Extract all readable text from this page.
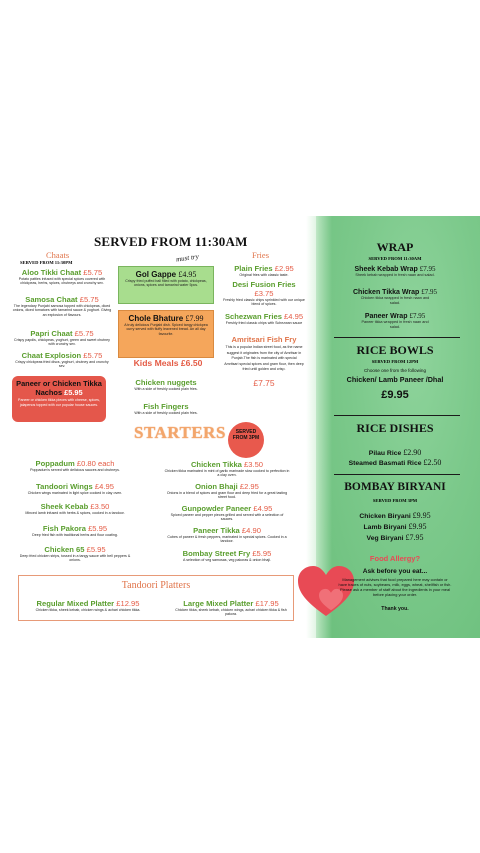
SERVED FROM 11:30AM
Chaats
SERVED FROM 11:30PM
Aloo Tikki Chaat £5.75
Potato patties infused with special spices covered with chickpeas, herbs, spices, chutneys and crunchy sev.
Samosa Chaat £5.75
The legendary Punjabi samosa topped with chickpeas, diced onions, diced tomatoes with tamarind sauce & yoghurt. Giving an explosion of flavours.
Papri Chaat £5.75
Crispy papdis, chickpeas, yoghurt, green and sweet chutney with crunchy sev.
Chaat Explosion £5.75
Crispy chickpeas fried discs, yoghurt, chutney and crunchy sev.
Paneer or Chicken Tikka Nachos £5.95
Paneer or chicken tikka pieces with cheese, spices, jalapenos topped with our popular house sauces.
must try
Gol Gappe £4.95
Crispy fried puffed ball filled with potato, chickpeas, onions, spices and tamarind water 5pcs.
Chole Bhature £7.99
A truly delicious Punjabi dish. Spiced tangy chickpea curry served with fluffy leavened bread. An all day favourite.
Kids Meals £6.50
Chicken nuggets
With a side of freshly cooked plain fries.
Fish Fingers
With a side of freshly cooked plain fries.
Fries
Plain Fries £2.95
Original fries with classic taste.
Desi Fusion Fries
£3.75
Freshly fried classic chips sprinkled with our unique blend of spices.
Schezwan Fries £4.95
Freshly fried classic chips with Schezwan sauce
Amritsari Fish Fry
This is a popular Indian street food, as the name suggest it originates from the city of Amritsar in Punjab.The fish is marinated with special Amritsari special spices and gram flour, then deep fried until golden and crisp.
£7.75
STARTERS	SERVED FROM 3PM
Poppadum £0.80 each
Poppadum's served with delicious sauces and chutneys.
Tandoori Wings £4.95
Chicken wings marinated in light spice cooked in clay oven.
Sheek Kebab £3.50
Minced lamb infused with herbs & spices, cooked in a tandoor.
Fish Pakora £5.95
Deep fried fish with traditional herbs and flour coating.
Chicken 65 £5.95
Deep fried chicken strips, tossed in a tangy sauce with bell peppers & onions.
Chicken Tikka £3.50
Chicken tikka marinated in mint of garlic marinade slow cooked to perfection in a clay oven.
Onion Bhaji £2.95
Onions in a blend of spices and gram flour and deep fried for a great tasting street food.
Gunpowder Paneer £4.95
Spiced paneer and pepper pieces grilled and served with a selection of sauces.
Paneer Tikka £4.90
Cubes of paneer & fresh peppers, marinated in special spices. Cooked in a tandoor.
Bombay Street Fry £5.95
A selection of veg samosas, veg pakoras & onion bhaji.
Tandoori Platters
Regular Mixed Platter £12.95
Chicken tikka, sheek kebab, chicken wings & achari chicken tikka.
Large Mixed Platter £17.95
Chicken tikka, sheek kebab, chicken wings, achari chicken tikka & fish pakora.
WRAP
SERVED FROM 11:30AM
Sheek Kebab Wrap £7.95
Sheek kebab wrapped in fresh naan and salad.
Chicken Tikka Wrap £7.95
Chicken tikka wrapped in fresh naan and salad.
Paneer Wrap £7.95
Paneer tikka wrapped in fresh naan and salad.
RICE BOWLS
SERVED FROM 12PM
Choose one from the following
Chicken/ Lamb Paneer /Dhal
£9.95
RICE DISHES
Pilau Rice £2.90
Steamed Basmati Rice £2.50
BOMBAY BIRYANI
SERVED FROM 3PM
Chicken Biryani £9.95
Lamb Biryani £9.95
Veg Biryani £7.95
Food Allergy?
Ask before you eat...
Management advises that food prepared here may contain or have traces of nuts, soybeans, milk, eggs, wheat, shellfish or fish. Please ask a member of staff about the ingredients in your meal before placing your order.
Thank you.
